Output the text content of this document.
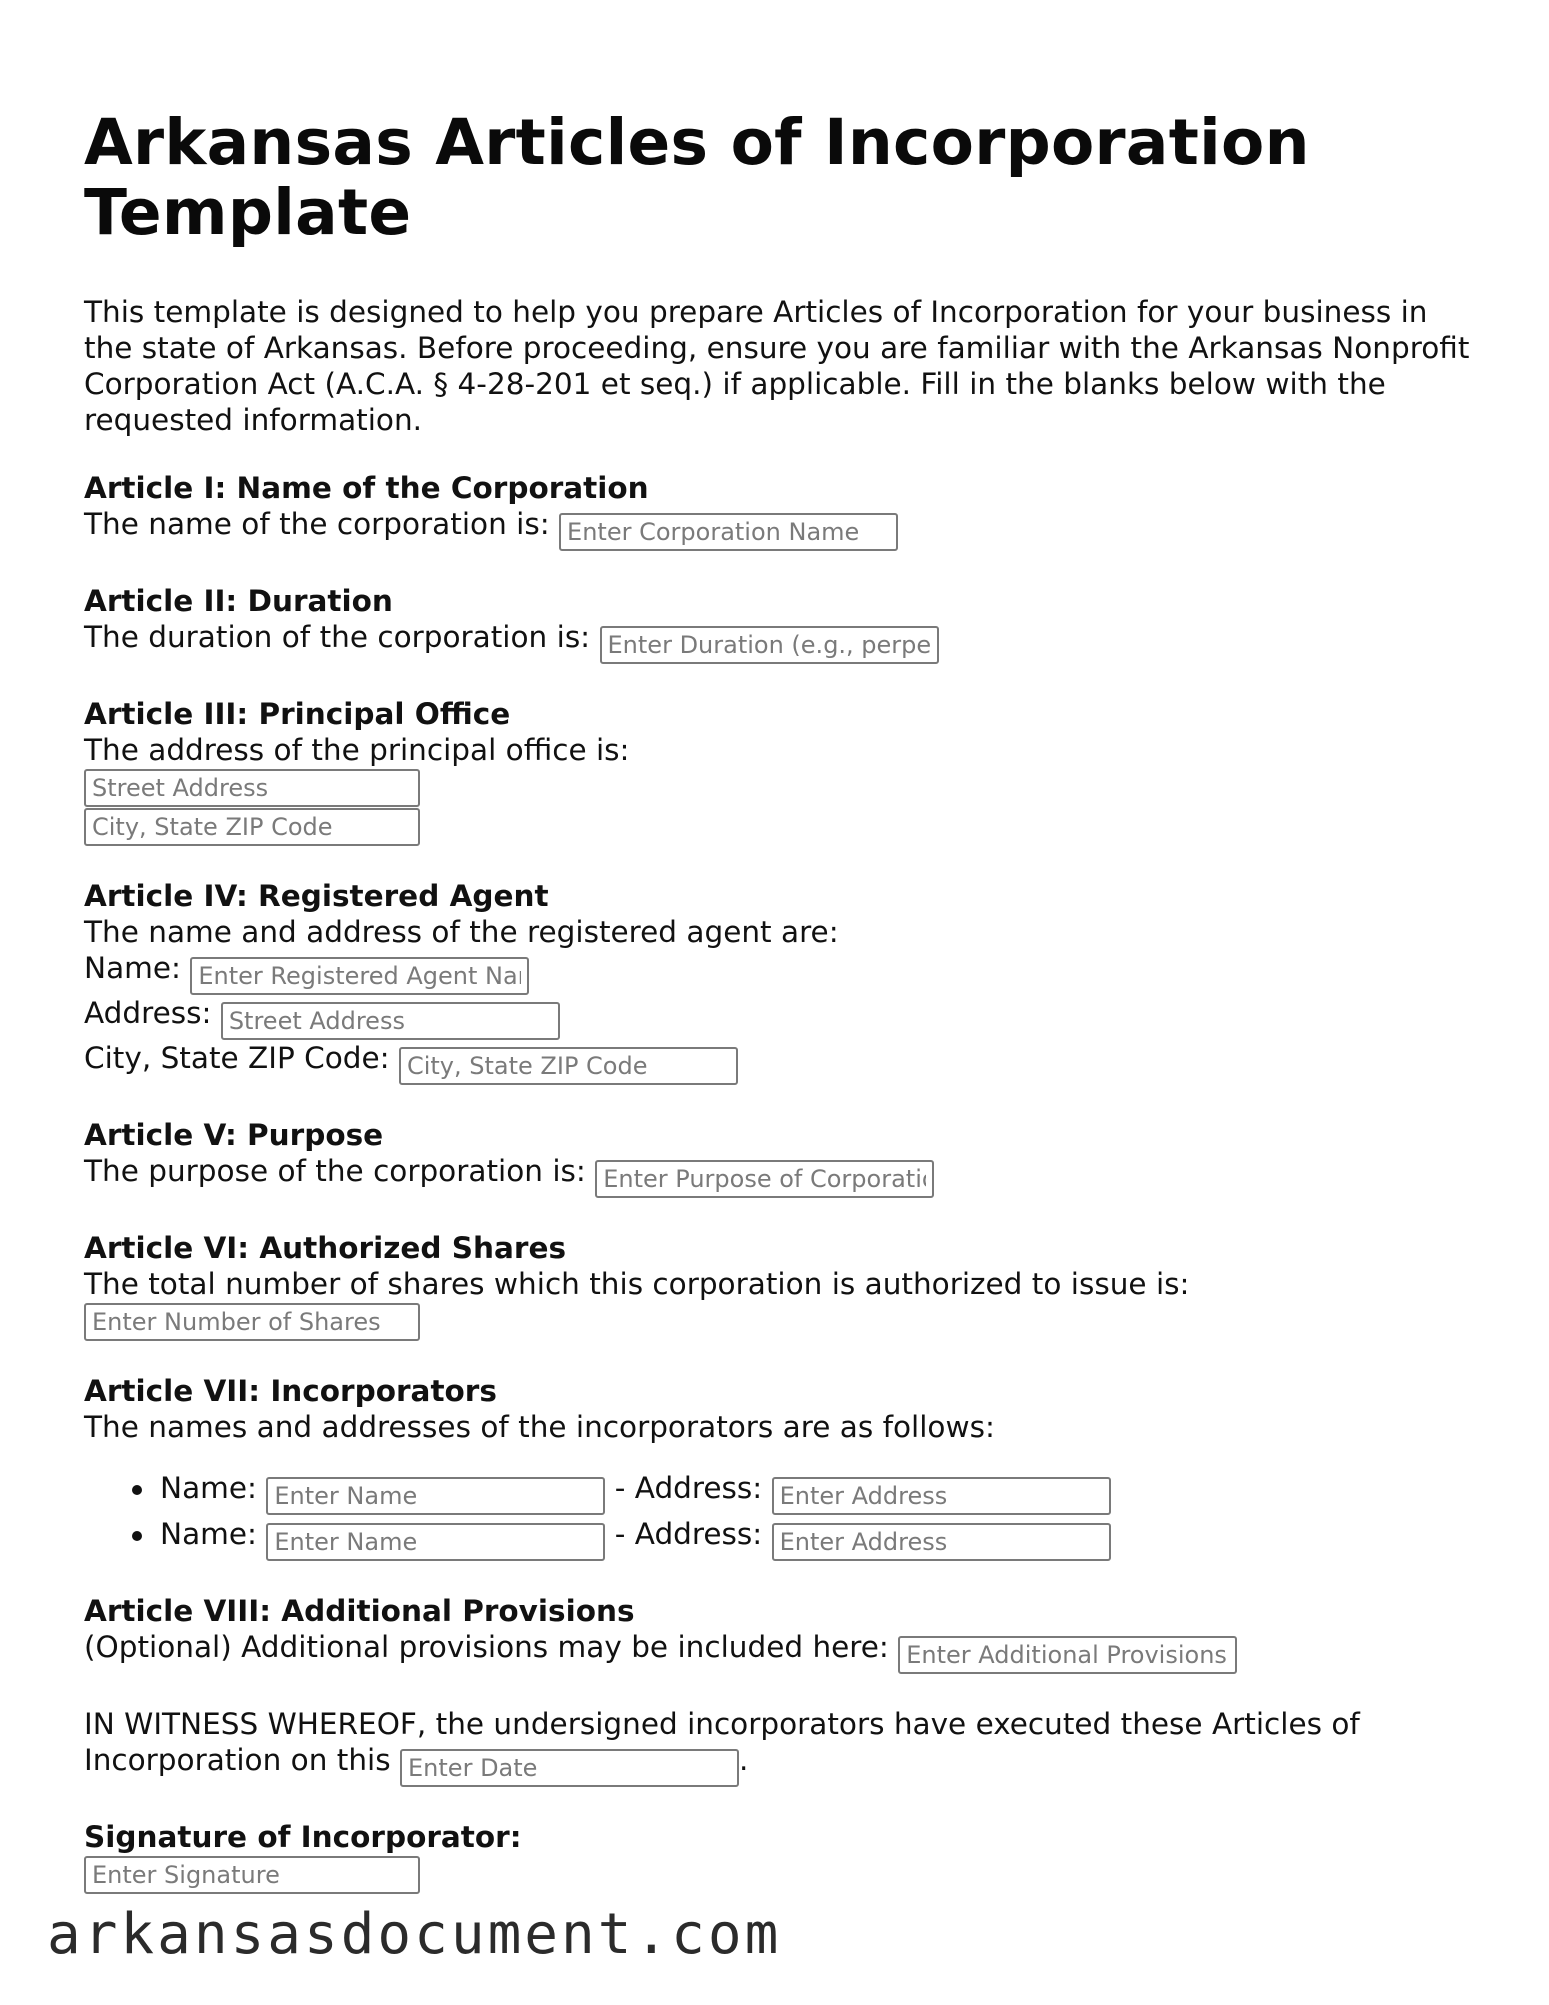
Arkansas Articles of Incorporation Template

This template is designed to help you prepare Articles of Incorporation for your business in the state of Arkansas. Before proceeding, ensure you are familiar with the Arkansas Nonprofit Corporation Act (A.C.A. § 4-28-201 et seq.) if applicable. Fill in the blanks below with the requested information.

Article I: Name of the Corporation
The name of the corporation is: Enter Corporation Name
Article II: Duration
The duration of the corporation is: Enter Duration (e.g., perpetual)
Article III: Principal Office
The address of the principal office is:
Street Address
City, State ZIP Code
Article IV: Registered Agent
The name and address of the registered agent are:
Name: Enter Registered Agent Name
Address: Street Address
City, State ZIP Code: City, State ZIP Code
Article V: Purpose
The purpose of the corporation is: Enter Purpose of Corporation
Article VI: Authorized Shares
The total number of shares which this corporation is authorized to issue is:
Enter Number of Shares
Article VII: Incorporators
The names and addresses of the incorporators are as follows:
Name: Enter Name	- Address: Enter Address
Name: Enter Name	- Address: Enter Address
Article VIII: Additional Provisions
(Optional) Additional provisions may be included here: Enter Additional Provisions
IN WITNESS WHEREOF, the undersigned incorporators have executed these Articles of Incorporation on this Enter Date	.
Signature of Incorporator:
Enter Signature
arkansasdocument.com
